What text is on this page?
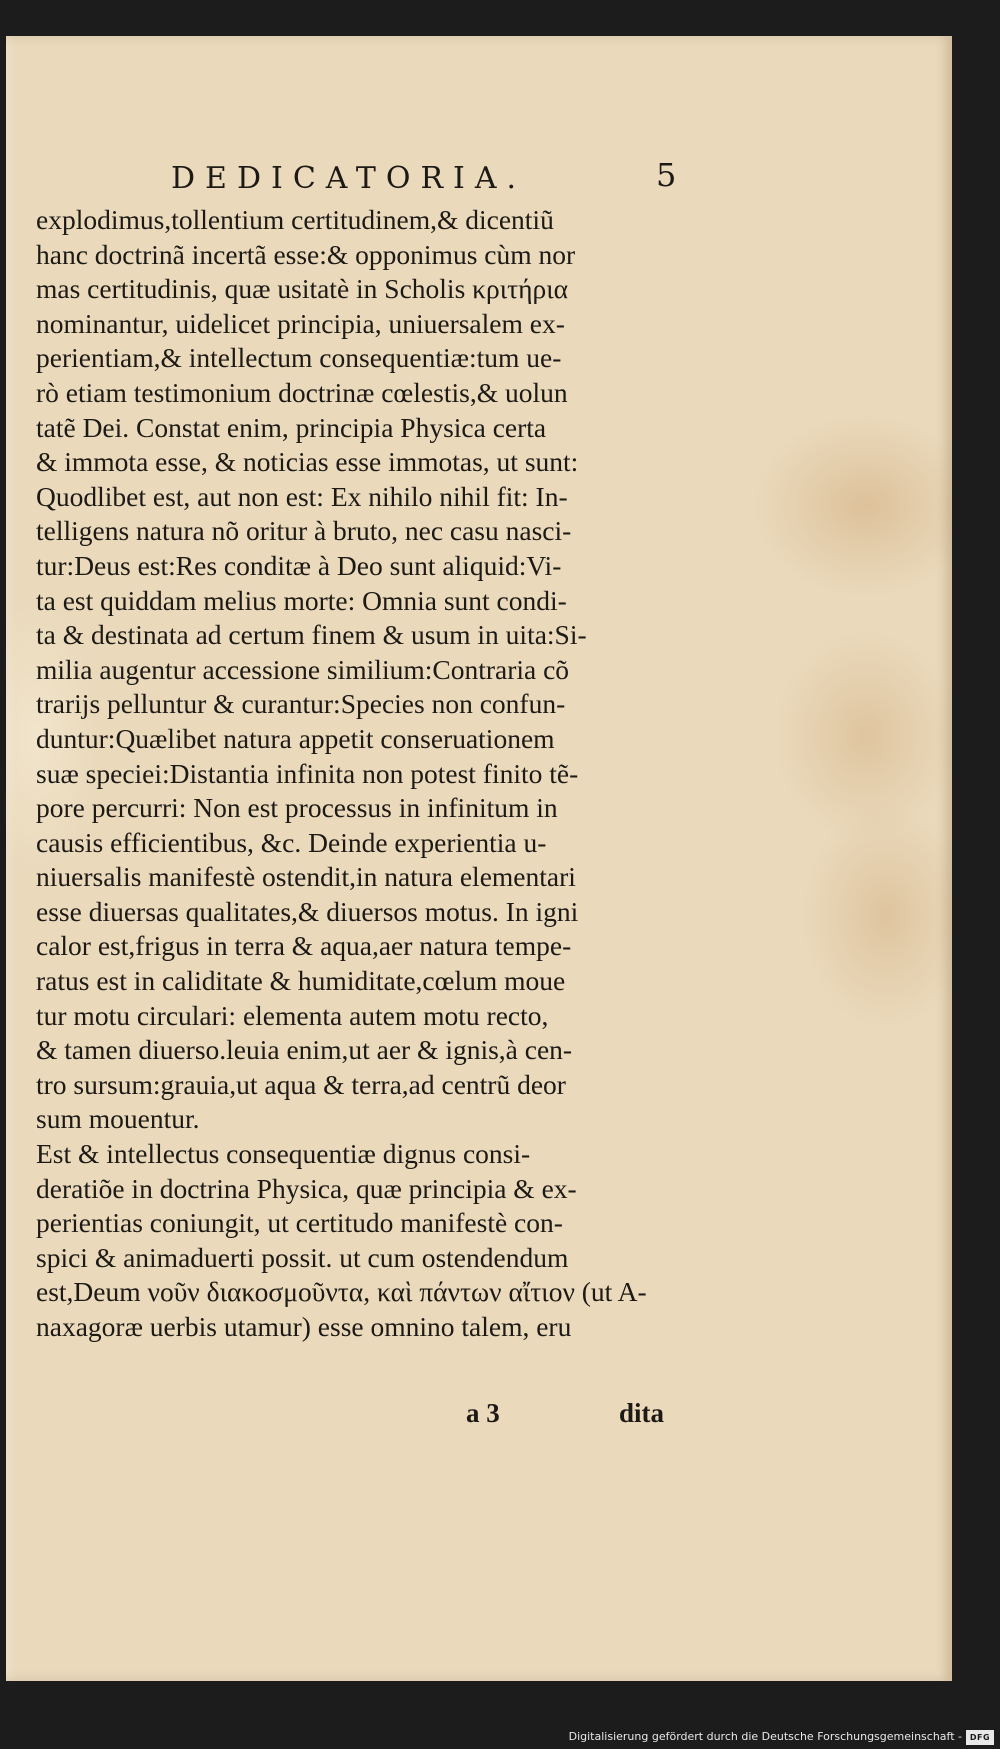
DEDICATORIA.	5
explodimus,tollentium certitudinem,& dicentiũ
hanc doctrinã incertã esse:& opponimus cùm nor
mas certitudinis, quæ usitatè in Scholis κριτήρια
nominantur, uidelicet principia, uniuersalem ex-
perientiam,& intellectum consequentiæ:tum ue-
rò etiam testimonium doctrinæ cœlestis,& uolun
tatẽ Dei. Constat enim, principia Physica certa
& immota esse, & noticias esse immotas, ut sunt:
Quodlibet est, aut non est: Ex nihilo nihil fit: In-
telligens natura nõ oritur à bruto, nec casu nasci-
tur:Deus est:Res conditæ à Deo sunt aliquid:Vi-
ta est quiddam melius morte: Omnia sunt condi-
ta & destinata ad certum finem & usum in uita:Si-
milia augentur accessione similium:Contraria cõ
trarijs pelluntur & curantur:Species non confun-
duntur:Quælibet natura appetit conseruationem
suæ speciei:Distantia infinita non potest finito tẽ-
pore percurri: Non est processus in infinitum in
causis efficientibus, &c. Deinde experientia u-
niuersalis manifestè ostendit,in natura elementari
esse diuersas qualitates,& diuersos motus. In igni
calor est,frigus in terra & aqua,aer natura tempe-
ratus est in caliditate & humiditate,cœlum moue
tur motu circulari: elementa autem motu recto,
& tamen diuerso.leuia enim,ut aer & ignis,à cen-
tro sursum:grauia,ut aqua & terra,ad centrũ deor
sum mouentur.
Est & intellectus consequentiæ dignus consi-
deratiõe in doctrina Physica, quæ principia & ex-
perientias coniungit, ut certitudo manifestè con-
spici & animaduerti possit. ut cum ostendendum
est,Deum νοῦν διακοσμοῦντα, καὶ πάντων αἴτιον (ut A-
naxagoræ uerbis utamur) esse omnino talem, eru
a 3	dita
Digitalisierung gefördert durch die Deutsche Forschungsgemeinschaft - DFG
